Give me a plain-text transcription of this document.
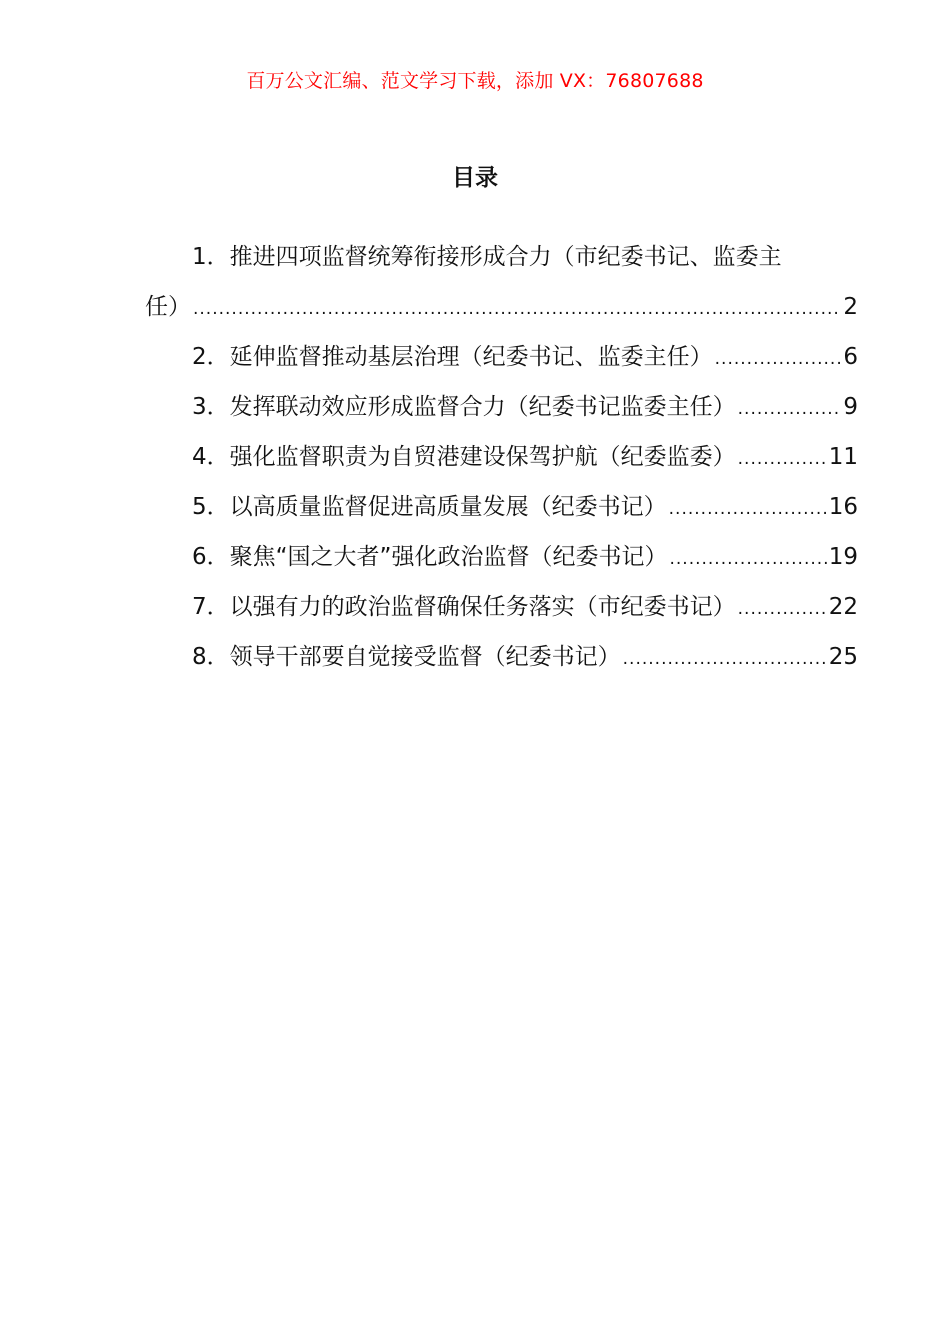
百万公文汇编、范文学习下载，添加 VX：76807688
目录
1． 推进四项监督统筹衔接形成合力（市纪委书记、监委主
任） .....	2
2． 延伸监督推动基层治理（纪委书记、监委主任） .....	6
3． 发挥联动效应形成监督合力（纪委书记监委主任） .....	9
4． 强化监督职责为自贸港建设保驾护航（纪委监委） .....	11
5． 以高质量监督促进高质量发展（纪委书记） .....	16
6． 聚焦“国之大者”强化政治监督（纪委书记） .....	19
7． 以强有力的政治监督确保任务落实（市纪委书记） .....	22
8． 领导干部要自觉接受监督（纪委书记） .....	25
